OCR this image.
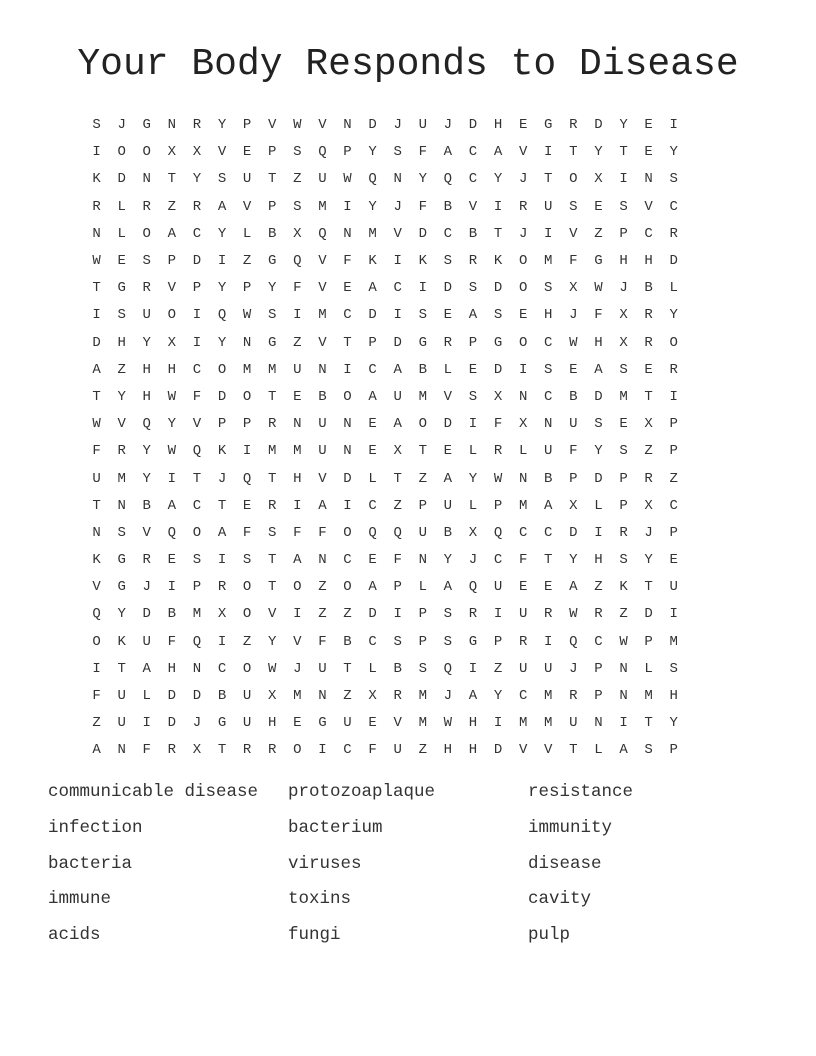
Your Body Responds to Disease
S	J	G	N	R	Y	P	V	W	V	N	D	J	U	J	D	H	E	G	R	D	Y	E	I
I	O	O	X	X	V	E	P	S	Q	P	Y	S	F	A	C	A	V	I	T	Y	T	E	Y
K	D	N	T	Y	S	U	T	Z	U	W	Q	N	Y	Q	C	Y	J	T	O	X	I	N	S
R	L	R	Z	R	A	V	P	S	M	I	Y	J	F	B	V	I	R	U	S	E	S	V	C
N	L	O	A	C	Y	L	B	X	Q	N	M	V	D	C	B	T	J	I	V	Z	P	C	R
W	E	S	P	D	I	Z	G	Q	V	F	K	I	K	S	R	K	O	M	F	G	H	H	D
T	G	R	V	P	Y	P	Y	F	V	E	A	C	I	D	S	D	O	S	X	W	J	B	L
I	S	U	O	I	Q	W	S	I	M	C	D	I	S	E	A	S	E	H	J	F	X	R	Y
D	H	Y	X	I	Y	N	G	Z	V	T	P	D	G	R	P	G	O	C	W	H	X	R	O
A	Z	H	H	C	O	M	M	U	N	I	C	A	B	L	E	D	I	S	E	A	S	E	R
T	Y	H	W	F	D	O	T	E	B	O	A	U	M	V	S	X	N	C	B	D	M	T	I
W	V	Q	Y	V	P	P	R	N	U	N	E	A	O	D	I	F	X	N	U	S	E	X	P
F	R	Y	W	Q	K	I	M	M	U	N	E	X	T	E	L	R	L	U	F	Y	S	Z	P
U	M	Y	I	T	J	Q	T	H	V	D	L	T	Z	A	Y	W	N	B	P	D	P	R	Z
T	N	B	A	C	T	E	R	I	A	I	C	Z	P	U	L	P	M	A	X	L	P	X	C
N	S	V	Q	O	A	F	S	F	F	O	Q	Q	U	B	X	Q	C	C	D	I	R	J	P
K	G	R	E	S	I	S	T	A	N	C	E	F	N	Y	J	C	F	T	Y	H	S	Y	E
V	G	J	I	P	R	O	T	O	Z	O	A	P	L	A	Q	U	E	E	A	Z	K	T	U
Q	Y	D	B	M	X	O	V	I	Z	Z	D	I	P	S	R	I	U	R	W	R	Z	D	I
O	K	U	F	Q	I	Z	Y	V	F	B	C	S	P	S	G	P	R	I	Q	C	W	P	M
I	T	A	H	N	C	O	W	J	U	T	L	B	S	Q	I	Z	U	U	J	P	N	L	S
F	U	L	D	D	B	U	X	M	N	Z	X	R	M	J	A	Y	C	M	R	P	N	M	H
Z	U	I	D	J	G	U	H	E	G	U	E	V	M	W	H	I	M	M	U	N	I	T	Y
A	N	F	R	X	T	R	R	O	I	C	F	U	Z	H	H	D	V	V	T	L	A	S	P
communicable disease	protozoaplaque	resistance
infection	bacterium	immunity
bacteria	viruses	disease
immune	toxins	cavity
acids	fungi	pulp
